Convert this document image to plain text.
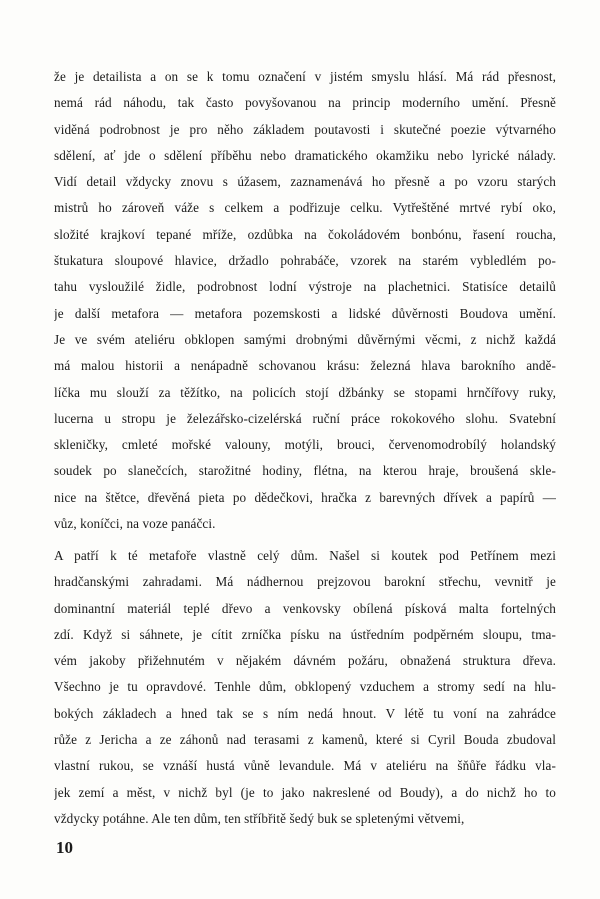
že je detailista a on se k tomu označení v jistém smyslu hlásí. Má rád přesnost,
nemá rád náhodu, tak často povyšovanou na princip moderního umění. Přesně
viděná podrobnost je pro něho základem poutavosti i skutečné poezie výtvarného
sdělení, ať jde o sdělení příběhu nebo dramatického okamžiku nebo lyrické nálady.
Vidí detail vždycky znovu s úžasem, zaznamenává ho přesně a po vzoru starých
mistrů ho zároveň váže s celkem a podřizuje celku. Vytřeštěné mrtvé rybí oko,
složité krajkoví tepané mříže, ozdůbka na čokoládovém bonbónu, řasení roucha,
štukatura sloupové hlavice, držadlo pohrabáče, vzorek na starém vybledlém po-
tahu vysloužilé židle, podrobnost lodní výstroje na plachetnici. Statisíce detailů
je další metafora — metafora pozemskosti a lidské důvěrnosti Boudova umění.
Je ve svém ateliéru obklopen samými drobnými důvěrnými věcmi, z nichž každá
má malou historii a nenápadně schovanou krásu: železná hlava barokního andě-
líčka mu slouží za těžítko, na policích stojí džbánky se stopami hrnčířovy ruky,
lucerna u stropu je železářsko-cizelérská ruční práce rokokového slohu. Svatební
skleničky, cmleté mořské valouny, motýli, brouci, červenomodrobílý holandský
soudek po slanečcích, starožitné hodiny, flétna, na kterou hraje, broušená skle-
nice na štětce, dřevěná pieta po dědečkovi, hračka z barevných dřívek a papírů —
vůz, koníčci, na voze panáčci.
A patří k té metafoře vlastně celý dům. Našel si koutek pod Petřínem mezi
hradčanskými zahradami. Má nádhernou prejzovou barokní střechu, vevnitř je
dominantní materiál teplé dřevo a venkovsky obílená písková malta fortelných
zdí. Když si sáhnete, je cítit zrníčka písku na ústředním podpěrném sloupu, tma-
vém jakoby přižehnutém v nějakém dávném požáru, obnažená struktura dřeva.
Všechno je tu opravdové. Tenhle dům, obklopený vzduchem a stromy sedí na hlu-
bokých základech a hned tak se s ním nedá hnout. V létě tu voní na zahrádce
růže z Jericha a ze záhonů nad terasami z kamenů, které si Cyril Bouda zbudoval
vlastní rukou, se vznáší hustá vůně levandule. Má v ateliéru na šňůře řádku vla-
jek zemí a měst, v nichž byl (je to jako nakreslené od Boudy), a do nichž ho to
vždycky potáhne. Ale ten dům, ten stříbřitě šedý buk se spletenými větvemi,
10
